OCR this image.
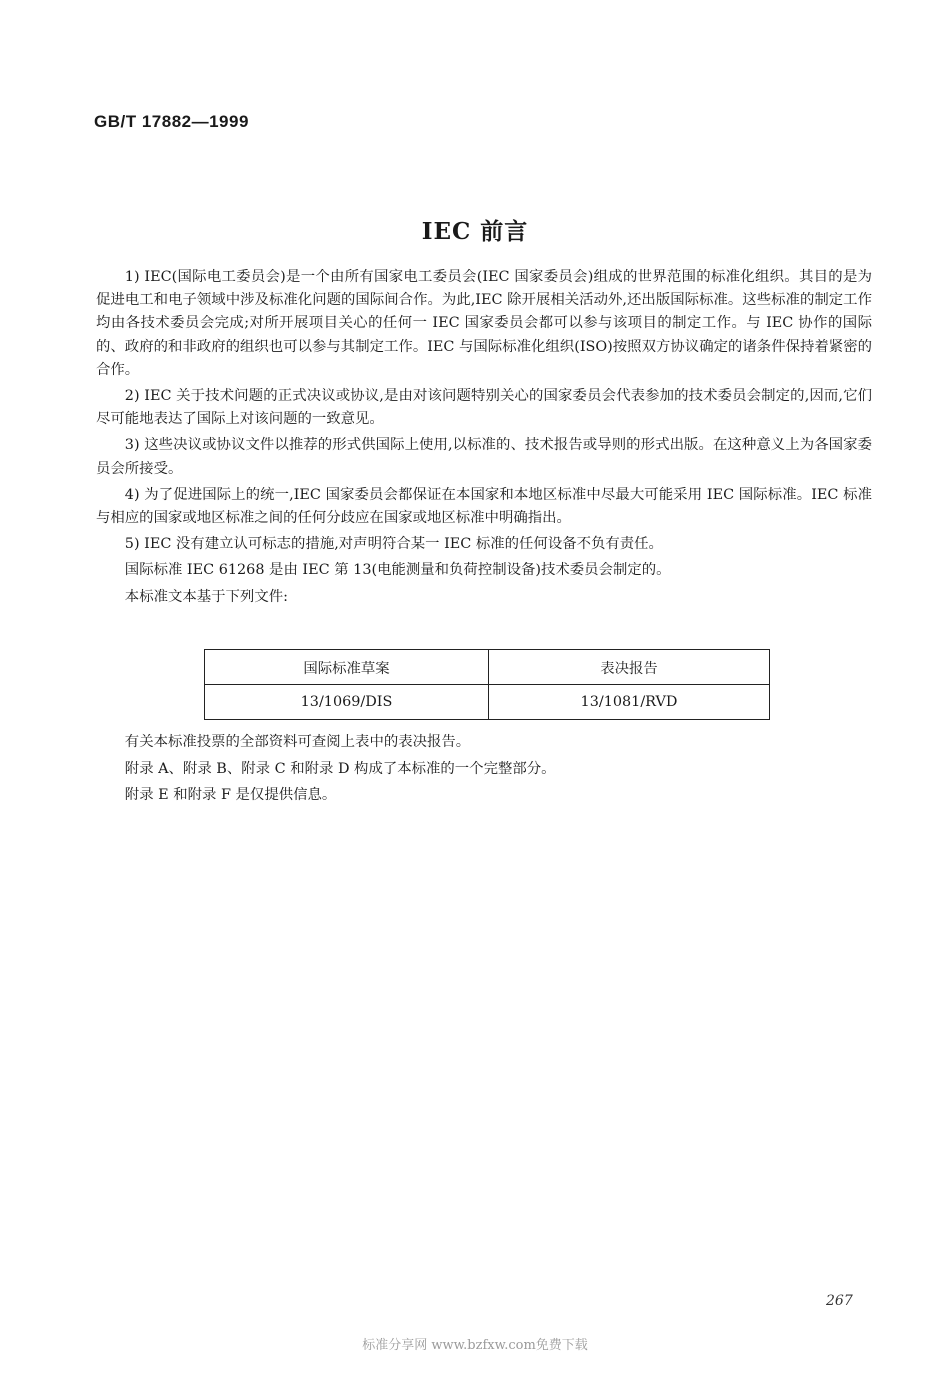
GB/T 17882—1999
IEC 前言

1) IEC(国际电工委员会)是一个由所有国家电工委员会(IEC 国家委员会)组成的世界范围的标准化组织。其目的是为促进电工和电子领域中涉及标准化问题的国际间合作。为此,IEC 除开展相关活动外,还出版国际标准。这些标准的制定工作均由各技术委员会完成;对所开展项目关心的任何一 IEC 国家委员会都可以参与该项目的制定工作。与 IEC 协作的国际的、政府的和非政府的组织也可以参与其制定工作。IEC 与国际标准化组织(ISO)按照双方协议确定的诸条件保持着紧密的合作。

2) IEC 关于技术问题的正式决议或协议,是由对该问题特别关心的国家委员会代表参加的技术委员会制定的,因而,它们尽可能地表达了国际上对该问题的一致意见。

3) 这些决议或协议文件以推荐的形式供国际上使用,以标准的、技术报告或导则的形式出版。在这种意义上为各国家委员会所接受。

4) 为了促进国际上的统一,IEC 国家委员会都保证在本国家和本地区标准中尽最大可能采用 IEC 国际标准。IEC 标准与相应的国家或地区标准之间的任何分歧应在国家或地区标准中明确指出。

5) IEC 没有建立认可标志的措施,对声明符合某一 IEC 标准的任何设备不负有责任。

国际标准 IEC 61268 是由 IEC 第 13(电能测量和负荷控制设备)技术委员会制定的。

本标准文本基于下列文件:

国际标准草案	表决报告
13/1069/DIS	13/1081/RVD

有关本标准投票的全部资料可查阅上表中的表决报告。

附录 A、附录 B、附录 C 和附录 D 构成了本标准的一个完整部分。

附录 E 和附录 F 是仅提供信息。

267
标准分享网 www.bzfxw.com免费下载
